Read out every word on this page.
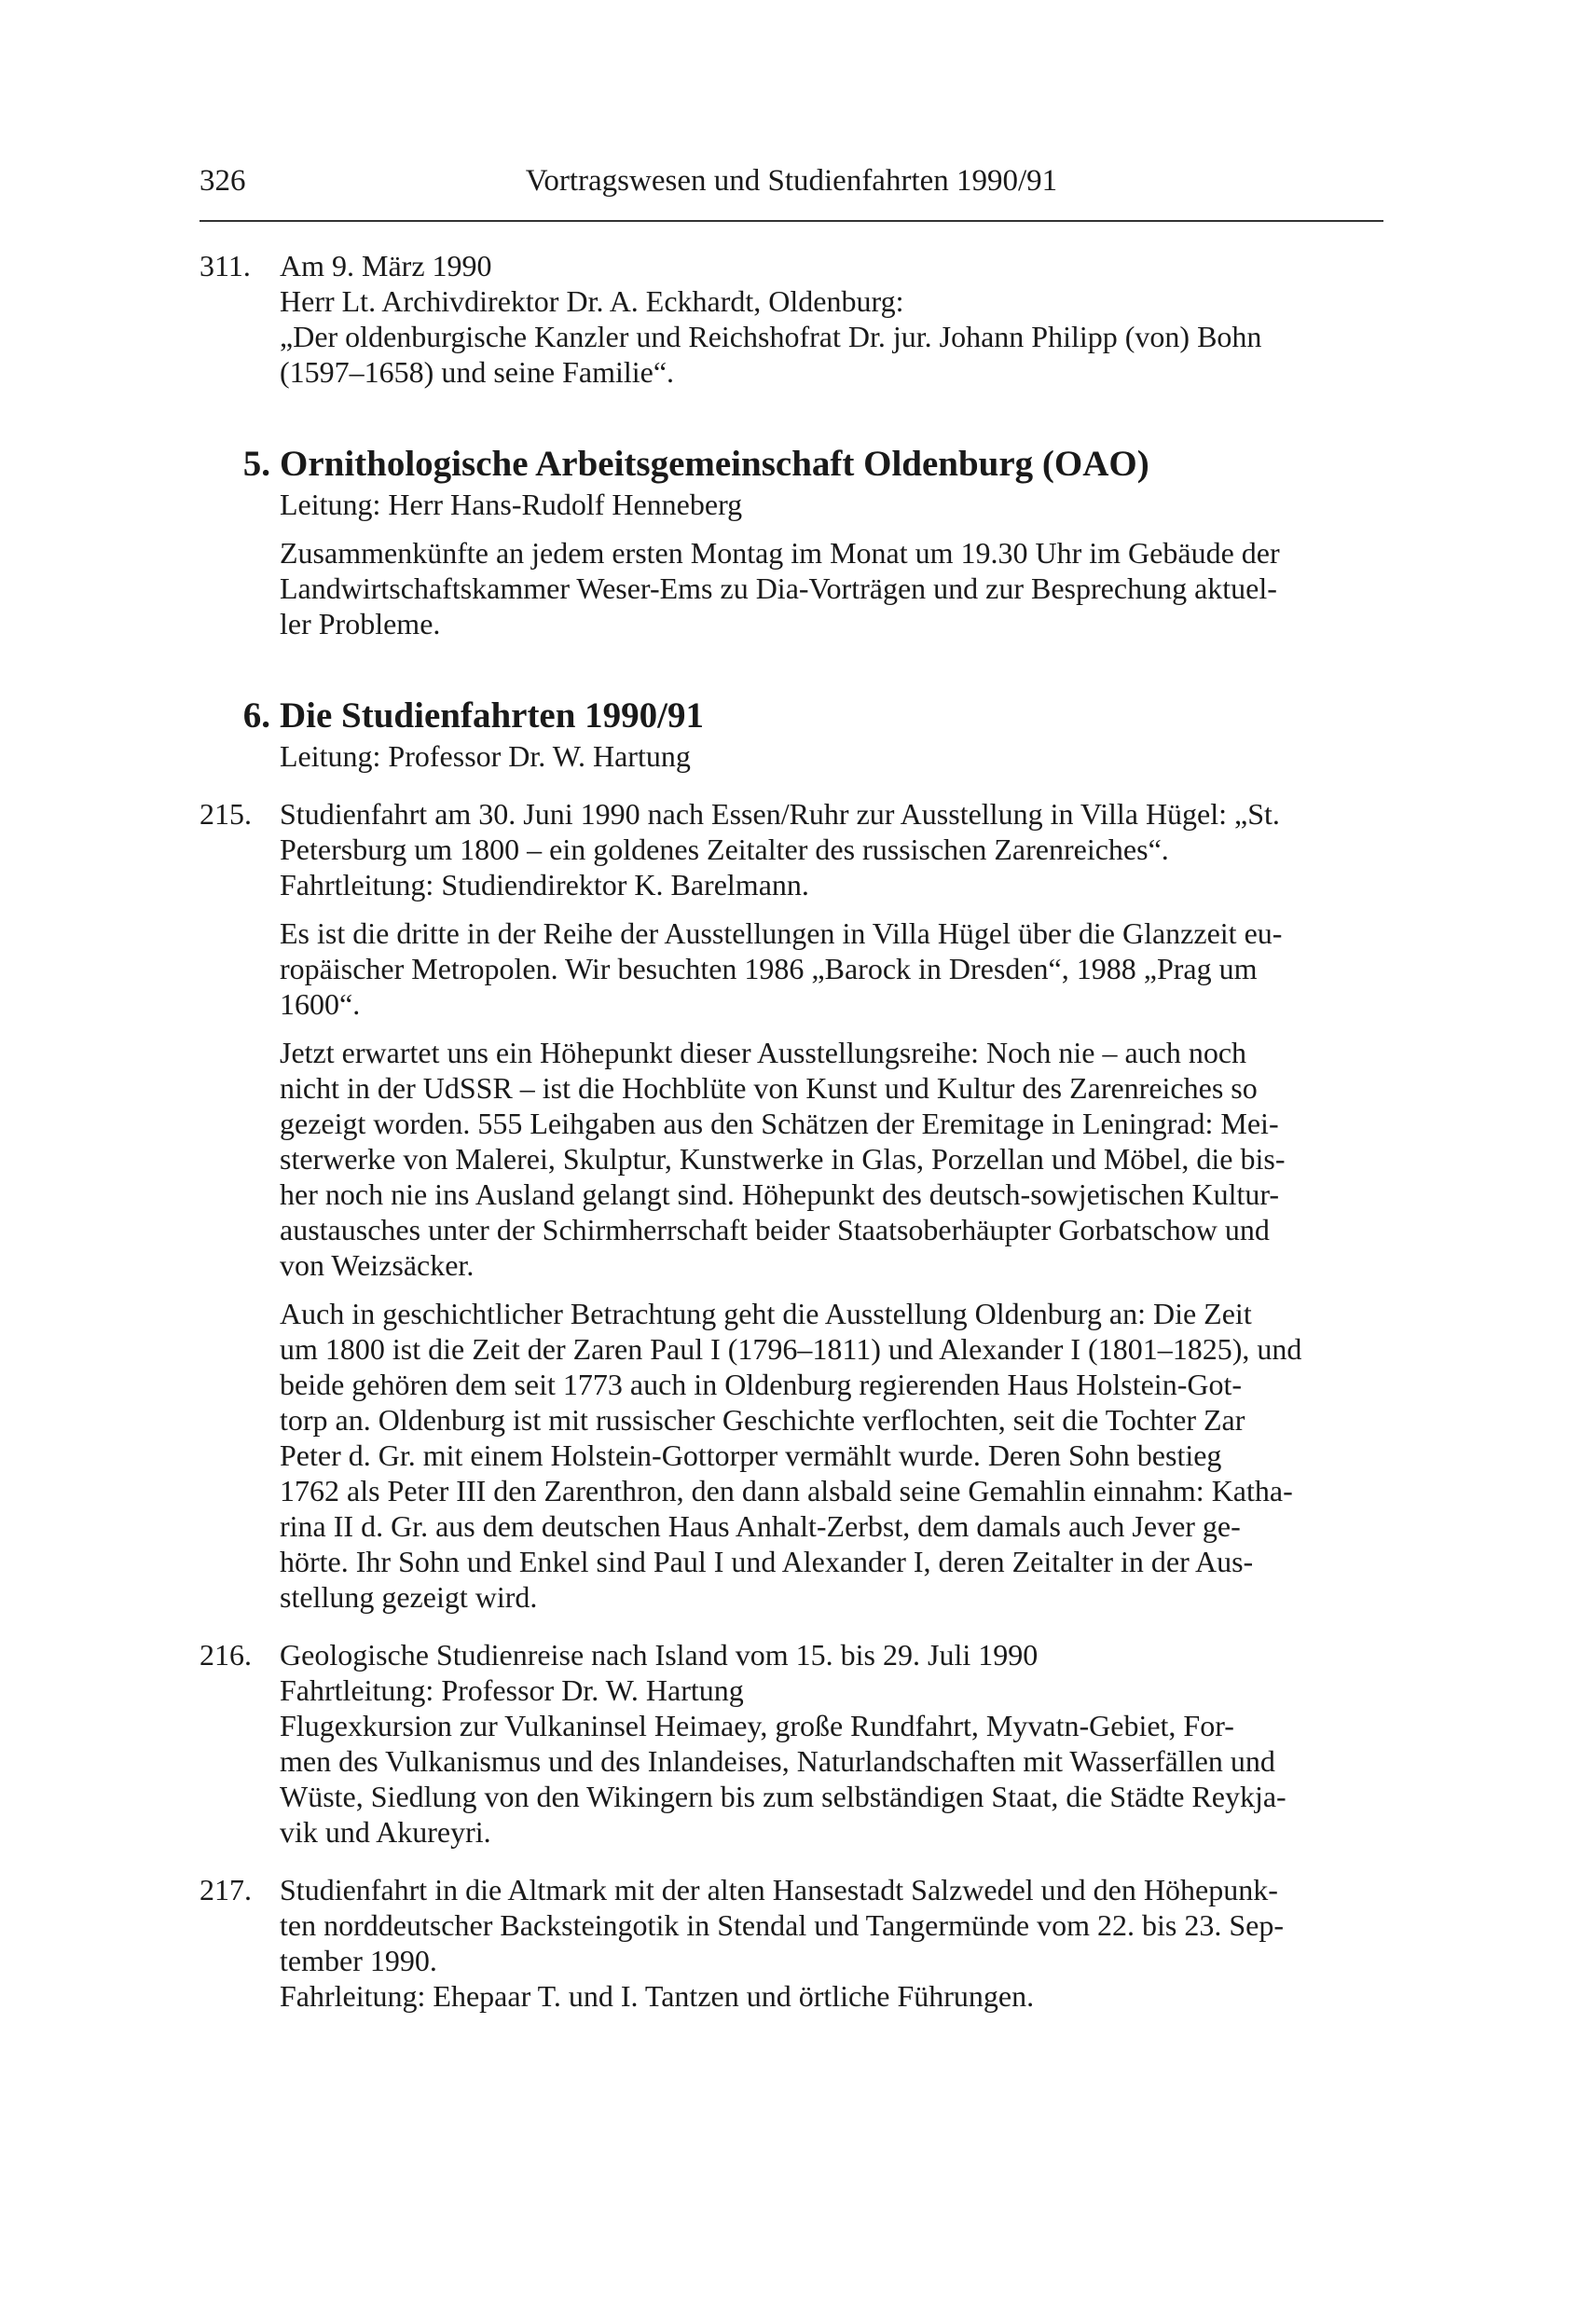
326	Vortragswesen und Studienfahrten 1990/91
311. Am 9. März 1990
Herr Lt. Archivdirektor Dr. A. Eckhardt, Oldenburg:
„Der oldenburgische Kanzler und Reichshofrat Dr. jur. Johann Philipp (von) Bohn
(1597–1658) und seine Familie“.
5. Ornithologische Arbeitsgemeinschaft Oldenburg (OAO)
Leitung: Herr Hans-Rudolf Henneberg
Zusammenkünfte an jedem ersten Montag im Monat um 19.30 Uhr im Gebäude der
Landwirtschaftskammer Weser-Ems zu Dia-Vorträgen und zur Besprechung aktuel-
ler Probleme.
6. Die Studienfahrten 1990/91
Leitung: Professor Dr. W. Hartung
215. Studienfahrt am 30. Juni 1990 nach Essen/Ruhr zur Ausstellung in Villa Hügel: „St.
Petersburg um 1800 – ein goldenes Zeitalter des russischen Zarenreiches“.
Fahrtleitung: Studiendirektor K. Barelmann.
Es ist die dritte in der Reihe der Ausstellungen in Villa Hügel über die Glanzzeit eu-
ropäischer Metropolen. Wir besuchten 1986 „Barock in Dresden“, 1988 „Prag um
1600“.
Jetzt erwartet uns ein Höhepunkt dieser Ausstellungsreihe: Noch nie – auch noch
nicht in der UdSSR – ist die Hochblüte von Kunst und Kultur des Zarenreiches so
gezeigt worden. 555 Leihgaben aus den Schätzen der Eremitage in Leningrad: Mei-
sterwerke von Malerei, Skulptur, Kunstwerke in Glas, Porzellan und Möbel, die bis-
her noch nie ins Ausland gelangt sind. Höhepunkt des deutsch-sowjetischen Kultur-
austausches unter der Schirmherrschaft beider Staatsoberhäupter Gorbatschow und
von Weizsäcker.
Auch in geschichtlicher Betrachtung geht die Ausstellung Oldenburg an: Die Zeit
um 1800 ist die Zeit der Zaren Paul I (1796–1811) und Alexander I (1801–1825), und
beide gehören dem seit 1773 auch in Oldenburg regierenden Haus Holstein-Got-
torp an. Oldenburg ist mit russischer Geschichte verflochten, seit die Tochter Zar
Peter d. Gr. mit einem Holstein-Gottorper vermählt wurde. Deren Sohn bestieg
1762 als Peter III den Zarenthron, den dann alsbald seine Gemahlin einnahm: Katha-
rina II d. Gr. aus dem deutschen Haus Anhalt-Zerbst, dem damals auch Jever ge-
hörte. Ihr Sohn und Enkel sind Paul I und Alexander I, deren Zeitalter in der Aus-
stellung gezeigt wird.
216. Geologische Studienreise nach Island vom 15. bis 29. Juli 1990
Fahrtleitung: Professor Dr. W. Hartung
Flugexkursion zur Vulkaninsel Heimaey, große Rundfahrt, Myvatn-Gebiet, For-
men des Vulkanismus und des Inlandeises, Naturlandschaften mit Wasserfällen und
Wüste, Siedlung von den Wikingern bis zum selbständigen Staat, die Städte Reykja-
vik und Akureyri.
217. Studienfahrt in die Altmark mit der alten Hansestadt Salzwedel und den Höhepunk-
ten norddeutscher Backsteingotik in Stendal und Tangermünde vom 22. bis 23. Sep-
tember 1990.
Fahrleitung: Ehepaar T. und I. Tantzen und örtliche Führungen.
